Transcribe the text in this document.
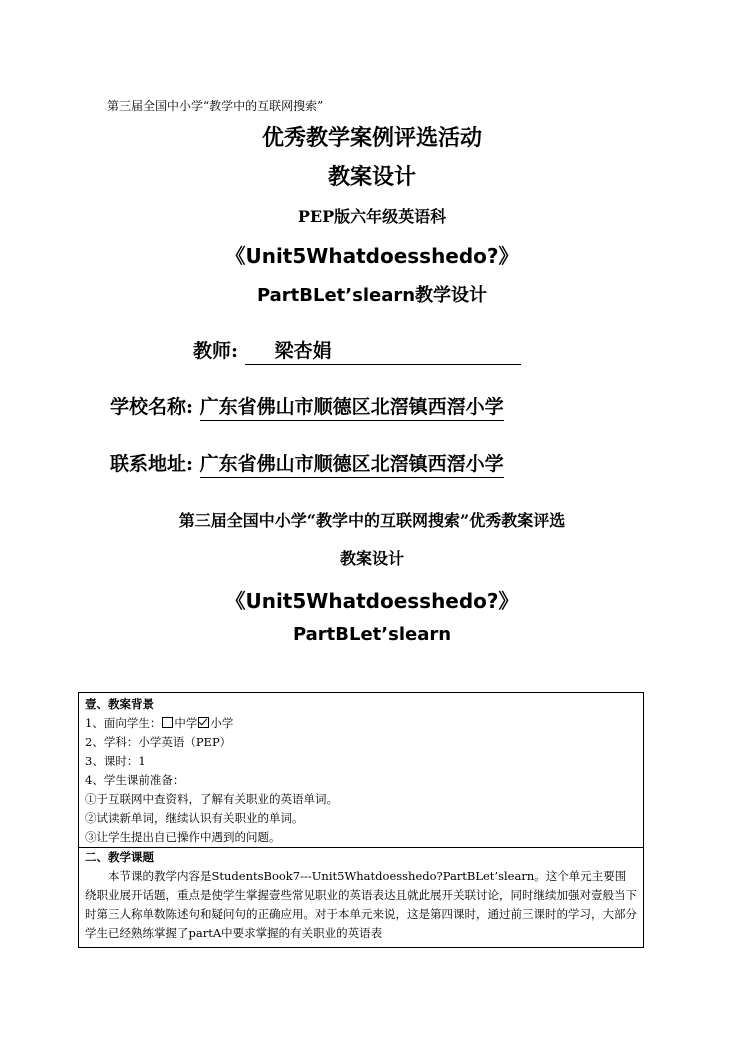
第三届全国中小学“教学中的互联网搜索”
优秀教学案例评选活动
教案设计
PEP版六年级英语科
《Unit5Whatdoesshedo?》
PartBLet’slearn教学设计
教师: 梁杏娟
学校名称: 广东省佛山市顺德区北滘镇西滘小学
联系地址: 广东省佛山市顺德区北滘镇西滘小学
第三届全国中小学“教学中的互联网搜索”优秀教案评选
教案设计
《Unit5Whatdoesshedo?》
PartBLet’slearn
壹、教案背景
1、面向学生： 中学 小学
2、学科：小学英语（PEP）
3、课时：1
4、学生课前准备：
①于互联网中查资料，了解有关职业的英语单词。
②试读新单词，继续认识有关职业的单词。
③让学生提出自已操作中遇到的问题。
二、教学课题
本节课的教学内容是StudentsBook7---Unit5Whatdoesshedo?PartBLet’slearn。这个单元主要围绕职业展开话题，重点是使学生掌握壹些常见职业的英语表达且就此展开关联讨论，同时继续加强对壹般当下时第三人称单数陈述句和疑问句的正确应用。对于本单元来说，这是第四课时，通过前三课时的学习，大部分学生已经熟练掌握了partA中要求掌握的有关职业的英语表
